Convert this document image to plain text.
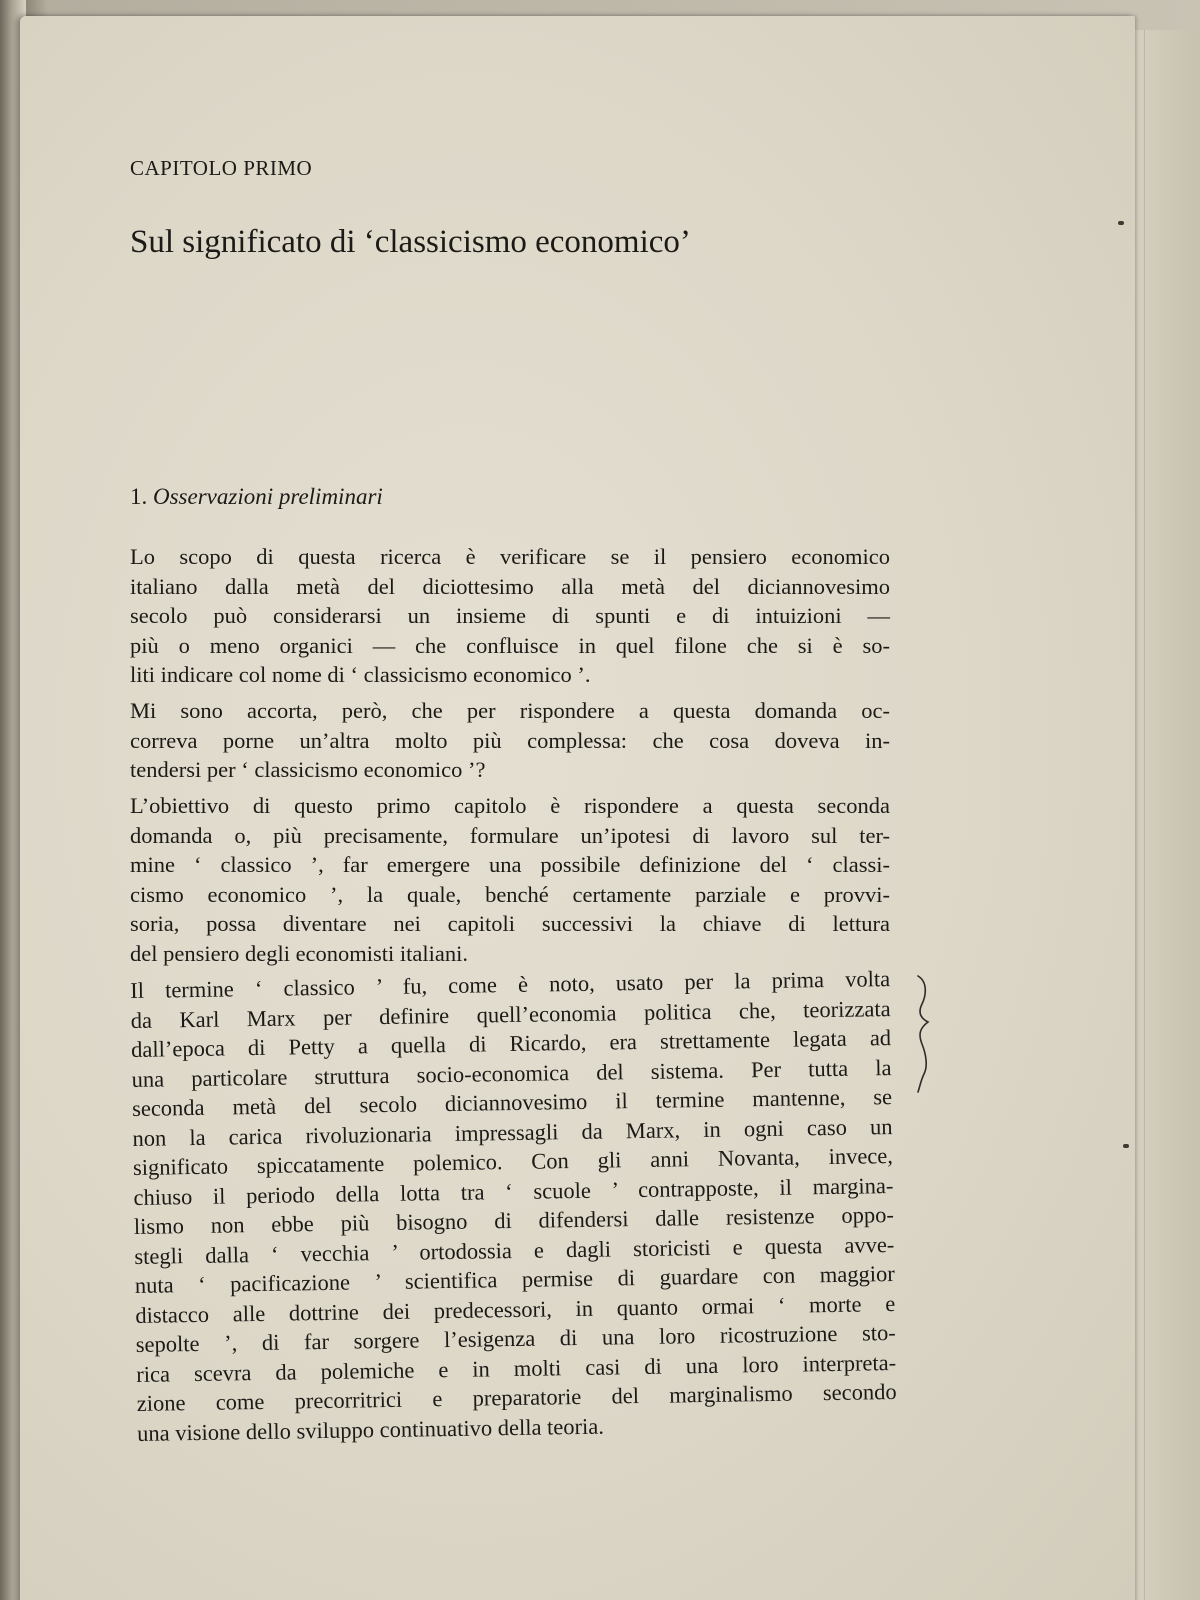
CAPITOLO PRIMO
Sul significato di ‘classicismo economico’
1. Osservazioni preliminari
Lo scopo di questa ricerca è verificare se il pensiero economico
italiano dalla metà del diciottesimo alla metà del diciannovesimo
secolo può considerarsi un insieme di spunti e di intuizioni —
più o meno organici — che confluisce in quel filone che si è so-
liti indicare col nome di ‘ classicismo economico ’.
Mi sono accorta, però, che per rispondere a questa domanda oc-
correva porne un’altra molto più complessa: che cosa doveva in-
tendersi per ‘ classicismo economico ’?
L’obiettivo di questo primo capitolo è rispondere a questa seconda
domanda o, più precisamente, formulare un’ipotesi di lavoro sul ter-
mine ‘ classico ’, far emergere una possibile definizione del ‘ classi-
cismo economico ’, la quale, benché certamente parziale e provvi-
soria, possa diventare nei capitoli successivi la chiave di lettura
del pensiero degli economisti italiani.
Il termine ‘ classico ’ fu, come è noto, usato per la prima volta
da Karl Marx per definire quell’economia politica che, teorizzata
dall’epoca di Petty a quella di Ricardo, era strettamente legata ad
una particolare struttura socio-economica del sistema. Per tutta la
seconda metà del secolo diciannovesimo il termine mantenne, se
non la carica rivoluzionaria impressagli da Marx, in ogni caso un
significato spiccatamente polemico. Con gli anni Novanta, invece,
chiuso il periodo della lotta tra ‘ scuole ’ contrapposte, il margina-
lismo non ebbe più bisogno di difendersi dalle resistenze oppo-
stegli dalla ‘ vecchia ’ ortodossia e dagli storicisti e questa avve-
nuta ‘ pacificazione ’ scientifica permise di guardare con maggior
distacco alle dottrine dei predecessori, in quanto ormai ‘ morte e
sepolte ’, di far sorgere l’esigenza di una loro ricostruzione sto-
rica scevra da polemiche e in molti casi di una loro interpreta-
zione come precorritrici e preparatorie del marginalismo secondo
una visione dello sviluppo continuativo della teoria.
